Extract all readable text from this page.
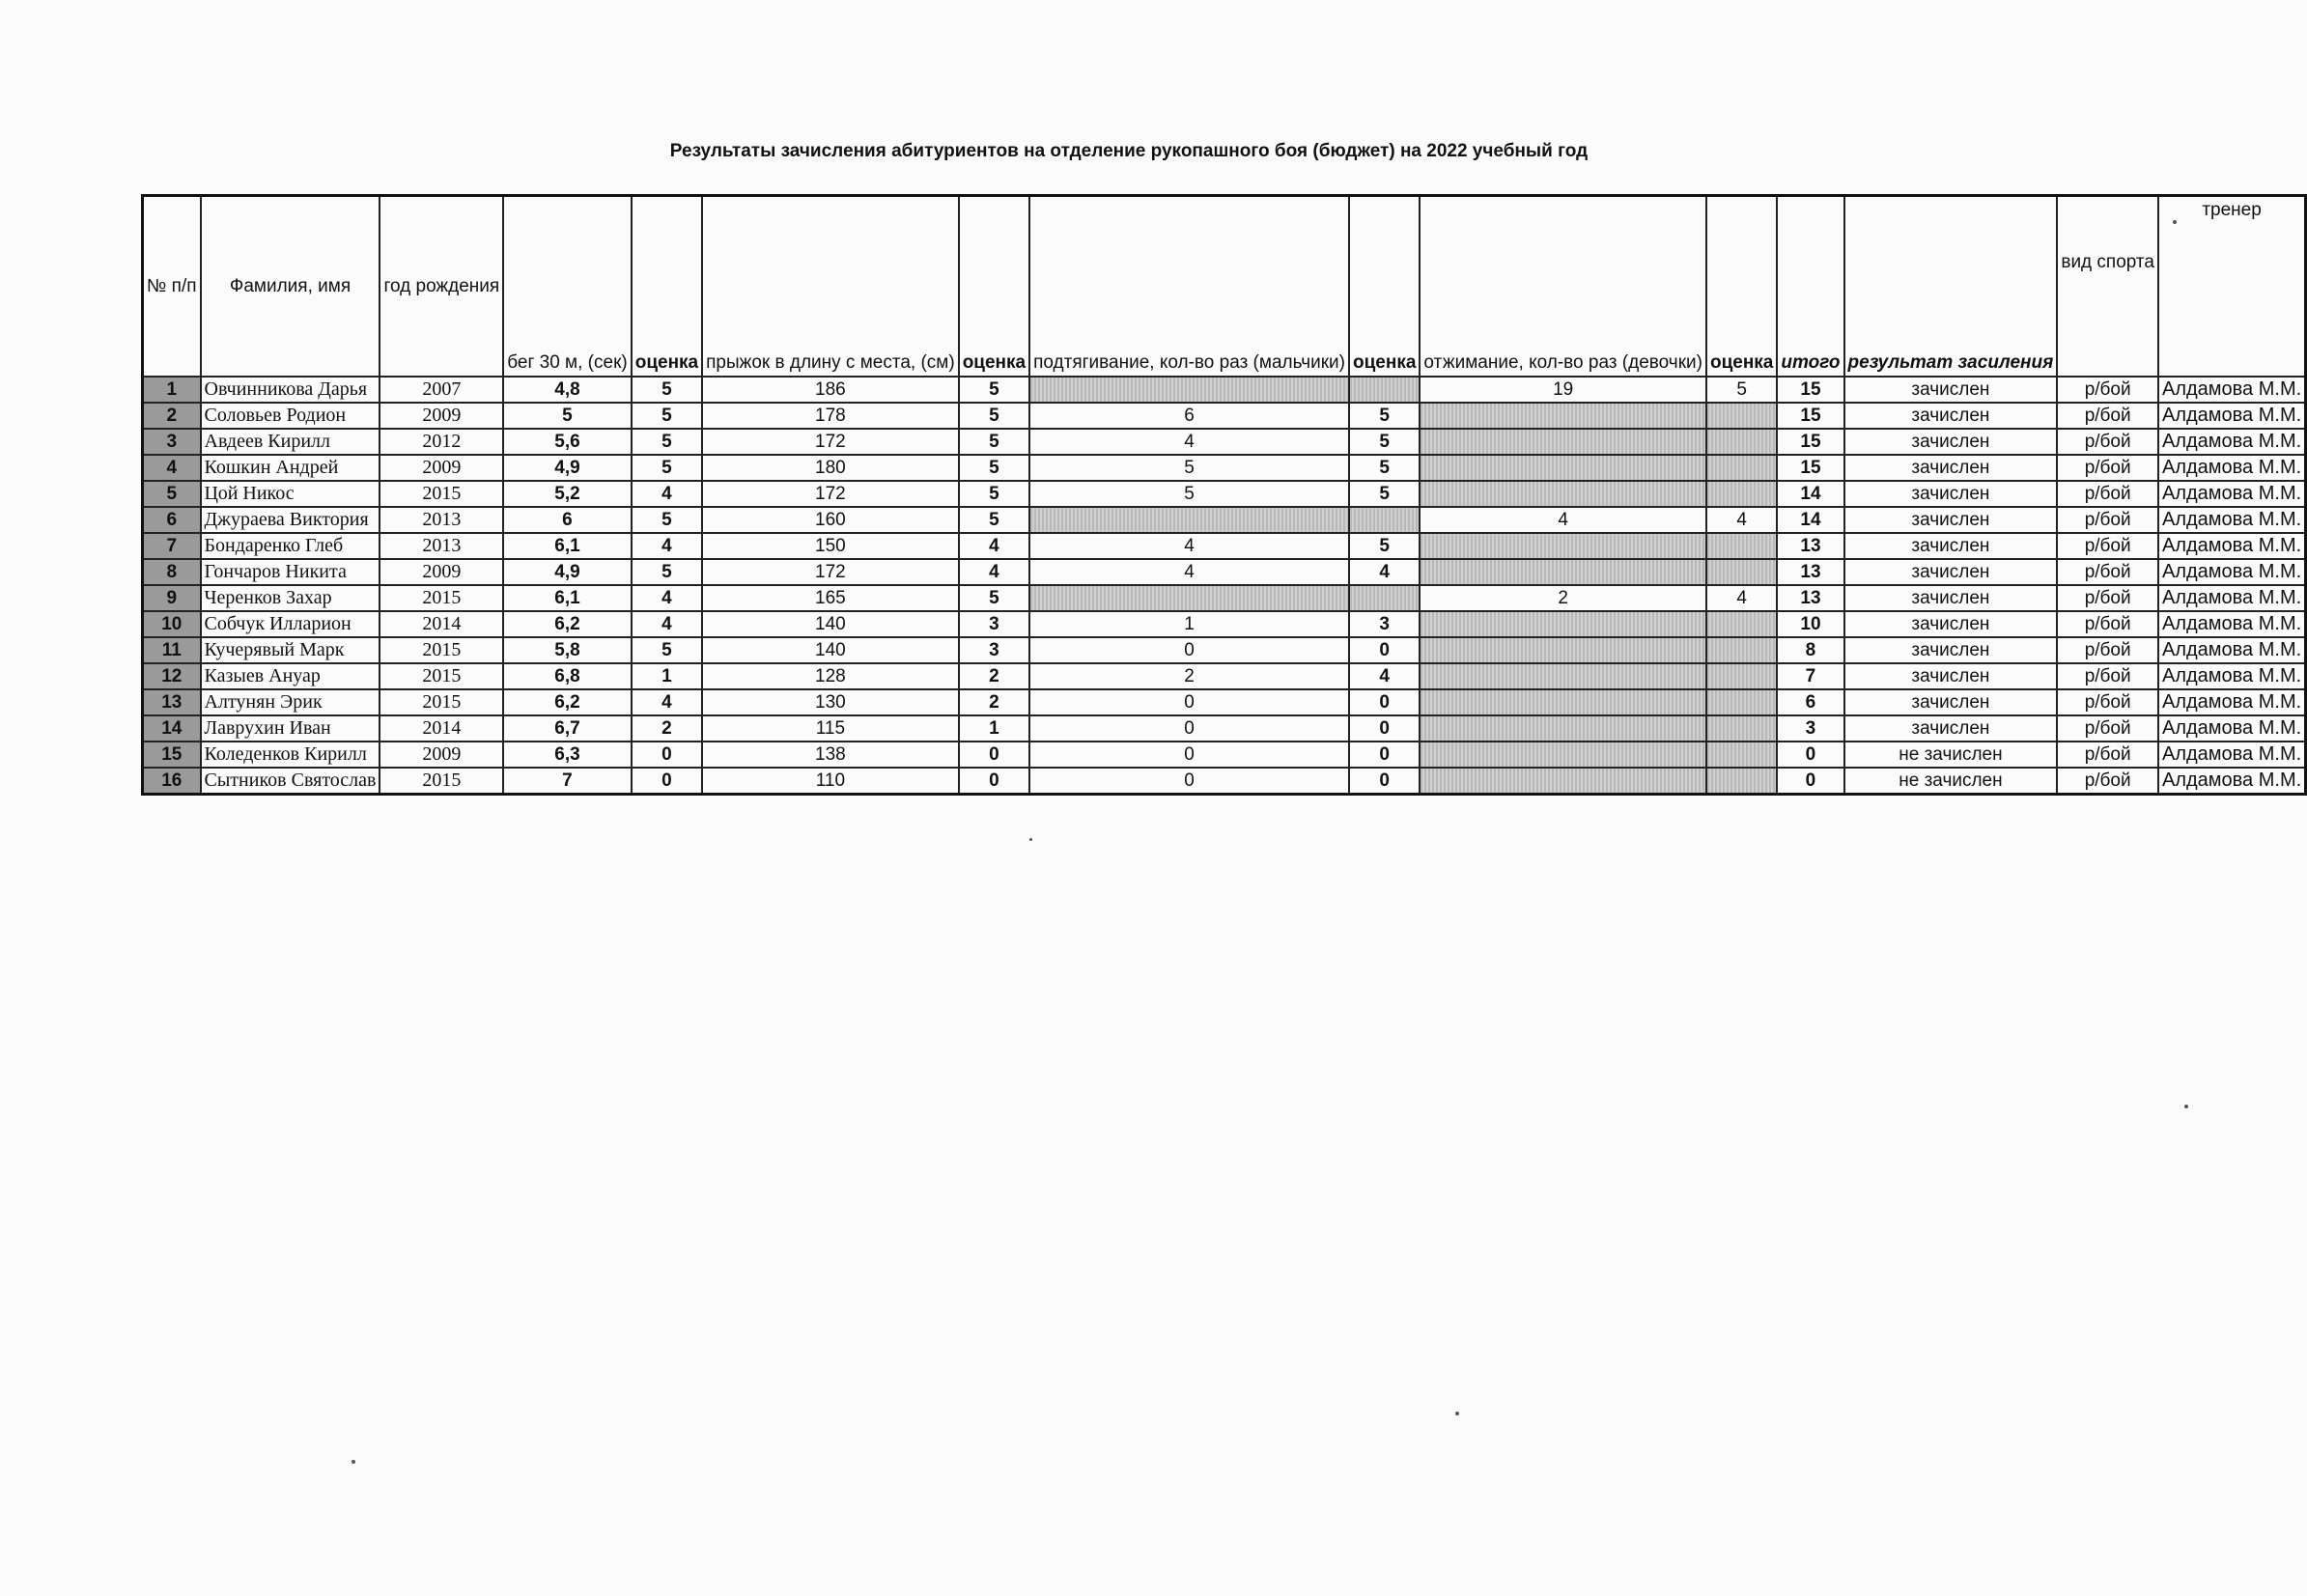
Результаты зачисления абитуриентов на отделение рукопашного боя (бюджет) на 2022 учебный год
№ п/п	Фамилия, имя	год рождения	бег 30 м, (сек)	оценка	прыжок в длину с места, (см)	оценка	подтягивание, кол-во раз (мальчики)	оценка	отжимание, кол-во раз (девочки)	оценка	итого	результат засиления	вид спорта	тренер
1	Овчинникова Дарья	2007	4,8	5	186	5			19	5	15	зачислен	р/бой	Алдамова М.М.
2	Соловьев Родион	2009	5	5	178	5	6	5			15	зачислен	р/бой	Алдамова М.М.
3	Авдеев Кирилл	2012	5,6	5	172	5	4	5			15	зачислен	р/бой	Алдамова М.М.
4	Кошкин Андрей	2009	4,9	5	180	5	5	5			15	зачислен	р/бой	Алдамова М.М.
5	Цой Никос	2015	5,2	4	172	5	5	5			14	зачислен	р/бой	Алдамова М.М.
6	Джураева Виктория	2013	6	5	160	5			4	4	14	зачислен	р/бой	Алдамова М.М.
7	Бондаренко Глеб	2013	6,1	4	150	4	4	5			13	зачислен	р/бой	Алдамова М.М.
8	Гончаров Никита	2009	4,9	5	172	4	4	4			13	зачислен	р/бой	Алдамова М.М.
9	Черенков Захар	2015	6,1	4	165	5			2	4	13	зачислен	р/бой	Алдамова М.М.
10	Собчук Илларион	2014	6,2	4	140	3	1	3			10	зачислен	р/бой	Алдамова М.М.
11	Кучерявый Марк	2015	5,8	5	140	3	0	0			8	зачислен	р/бой	Алдамова М.М.
12	Казыев Ануар	2015	6,8	1	128	2	2	4			7	зачислен	р/бой	Алдамова М.М.
13	Алтунян Эрик	2015	6,2	4	130	2	0	0			6	зачислен	р/бой	Алдамова М.М.
14	Лаврухин Иван	2014	6,7	2	115	1	0	0			3	зачислен	р/бой	Алдамова М.М.
15	Коледенков Кирилл	2009	6,3	0	138	0	0	0			0	не зачислен	р/бой	Алдамова М.М.
16	Сытников Святослав	2015	7	0	110	0	0	0			0	не зачислен	р/бой	Алдамова М.М.
